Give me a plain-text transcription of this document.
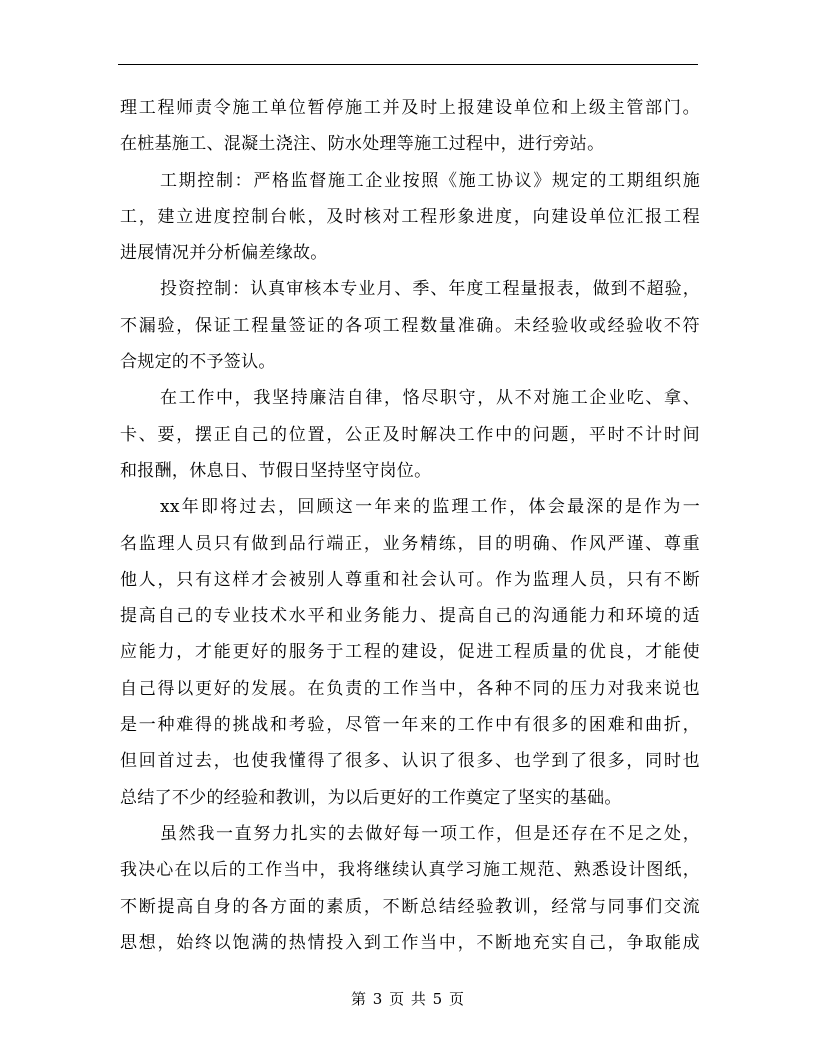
理工程师责令施工单位暂停施工并及时上报建设单位和上级主管部门。
在桩基施工、混凝土浇注、防水处理等施工过程中，进行旁站。
工期控制：严格监督施工企业按照《施工协议》规定的工期组织施
工，建立进度控制台帐，及时核对工程形象进度，向建设单位汇报工程
进展情况并分析偏差缘故。
投资控制：认真审核本专业月、季、年度工程量报表，做到不超验，
不漏验，保证工程量签证的各项工程数量准确。未经验收或经验收不符
合规定的不予签认。
在工作中，我坚持廉洁自律，恪尽职守，从不对施工企业吃、拿、
卡、要，摆正自己的位置，公正及时解决工作中的问题，平时不计时间
和报酬，休息日、节假日坚持坚守岗位。
xx年即将过去，回顾这一年来的监理工作，体会最深的是作为一
名监理人员只有做到品行端正，业务精练，目的明确、作风严谨、尊重
他人，只有这样才会被别人尊重和社会认可。作为监理人员，只有不断
提高自己的专业技术水平和业务能力、提高自己的沟通能力和环境的适
应能力，才能更好的服务于工程的建设，促进工程质量的优良，才能使
自己得以更好的发展。在负责的工作当中，各种不同的压力对我来说也
是一种难得的挑战和考验，尽管一年来的工作中有很多的困难和曲折，
但回首过去，也使我懂得了很多、认识了很多、也学到了很多，同时也
总结了不少的经验和教训，为以后更好的工作奠定了坚实的基础。
虽然我一直努力扎实的去做好每一项工作，但是还存在不足之处，
我决心在以后的工作当中，我将继续认真学习施工规范、熟悉设计图纸，
不断提高自身的各方面的素质，不断总结经验教训，经常与同事们交流
思想，始终以饱满的热情投入到工作当中，不断地充实自己，争取能成
第 3 页 共 5 页
